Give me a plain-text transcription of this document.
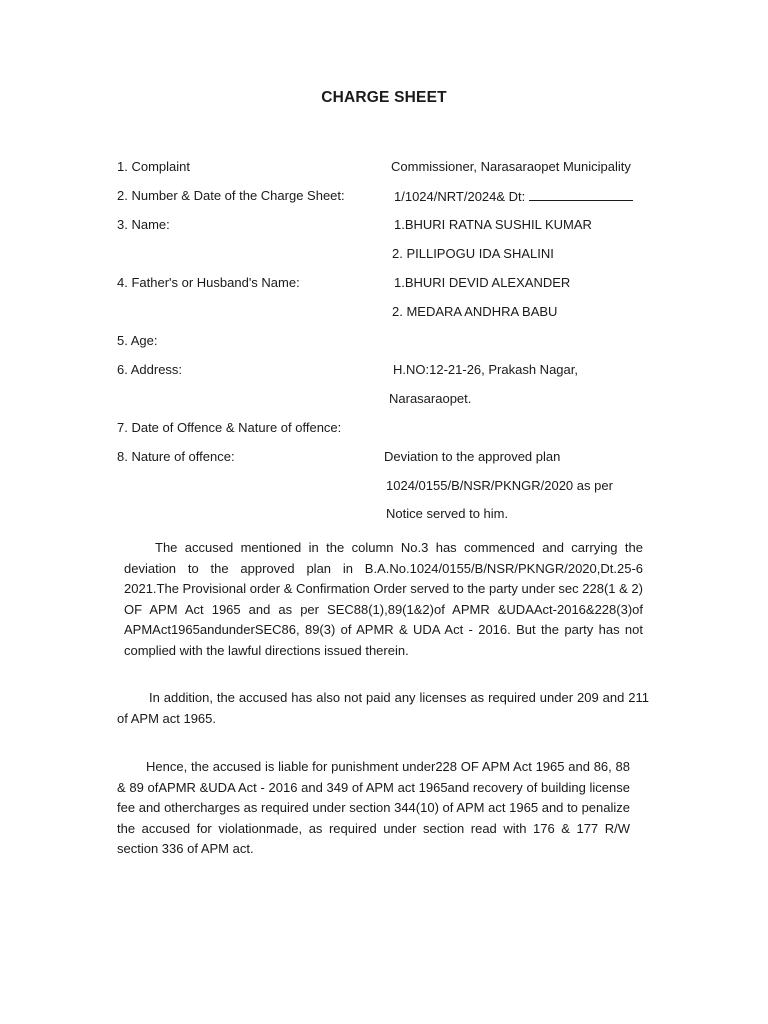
CHARGE SHEET
1. Complaint	Commissioner, Narasaraopet Municipality
2. Number & Date of the Charge Sheet:	1/1024/NRT/2024& Dt:
3. Name:	1.BHURI RATNA SUSHIL KUMAR
2. PILLIPOGU IDA SHALINI
4. Father's or Husband's Name:	1.BHURI DEVID ALEXANDER
2. MEDARA ANDHRA BABU
5. Age:
6. Address:	H.NO:12-21-26, Prakash Nagar,
Narasaraopet.
7. Date of Offence & Nature of offence:
8. Nature of offence:	Deviation to the approved plan
1024/0155/B/NSR/PKNGR/2020 as per
Notice served to him.
The accused mentioned in the column No.3 has commenced and carrying the deviation to the approved plan in B.A.No.1024/0155/B/NSR/PKNGR/2020,Dt.25-6 2021.The Provisional order & Confirmation Order served to the party under sec 228(1 & 2) OF APM Act 1965 and as per SEC88(1),89(1&2)of APMR &UDAAct-2016&228(3)of APMAct1965andunderSEC86, 89(3) of APMR & UDA Act - 2016. But the party has not complied with the lawful directions issued therein.
In addition, the accused has also not paid any licenses as required under 209 and 211 of APM act 1965.
Hence, the accused is liable for punishment under228 OF APM Act 1965 and 86, 88 & 89 ofAPMR &UDA Act - 2016 and 349 of APM act 1965and recovery of building license fee and othercharges as required under section 344(10) of APM act 1965 and to penalize the accused for violationmade, as required under section read with 176 & 177 R/W section 336 of APM act.
